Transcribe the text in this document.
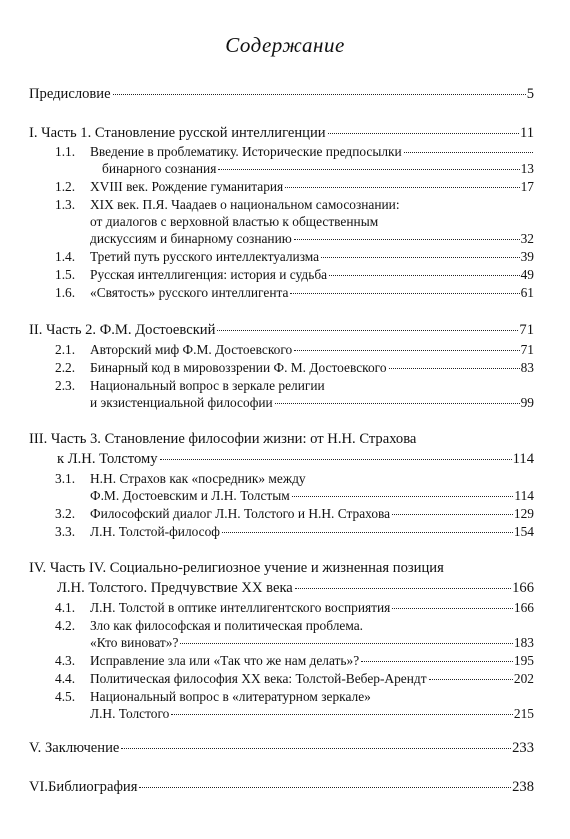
Содержание
Предисловие	5
I. Часть 1. Становление русской интеллигенции	11
1.1. Введение в проблематику. Исторические предпосылки
бинарного сознания	13
1.2. XVIII век. Рождение гуманитария	17
1.3. XIX век. П.Я. Чаадаев о национальном самосознании:
от диалогов с верховной властью к общественным
дискуссиям и бинарному сознанию	32
1.4. Третий путь русского интеллектуализма	39
1.5. Русская интеллигенция: история и судьба	49
1.6. «Святость» русского интеллигента	61
II. Часть 2. Ф.М. Достоевский	71
2.1. Авторский миф Ф.М. Достоевского	71
2.2. Бинарный код в мировоззрении Ф. М. Достоевского	83
2.3. Национальный вопрос в зеркале религии
и экзистенциальной философии	99
III. Часть 3. Становление философии жизни: от Н.Н. Страхова
к Л.Н. Толстому	114
3.1. Н.Н. Страхов как «посредник» между
Ф.М. Достоевским и Л.Н. Толстым	114
3.2. Философский диалог Л.Н. Толстого и Н.Н. Страхова	129
3.3. Л.Н. Толстой-философ	154
IV. Часть IV. Социально-религиозное учение и жизненная позиция
Л.Н. Толстого. Предчувствие ХХ века	166
4.1. Л.Н. Толстой в оптике интеллигентского восприятия	166
4.2. Зло как философская и политическая проблема.
«Кто виноват»?	183
4.3. Исправление зла или «Так что же нам делать»?	195
4.4. Политическая философия ХХ века: Толстой-Вебер-Арендт	202
4.5. Национальный вопрос в «литературном зеркале»
Л.Н. Толстого	215
V. Заключение	233
VI.Библиография	238
